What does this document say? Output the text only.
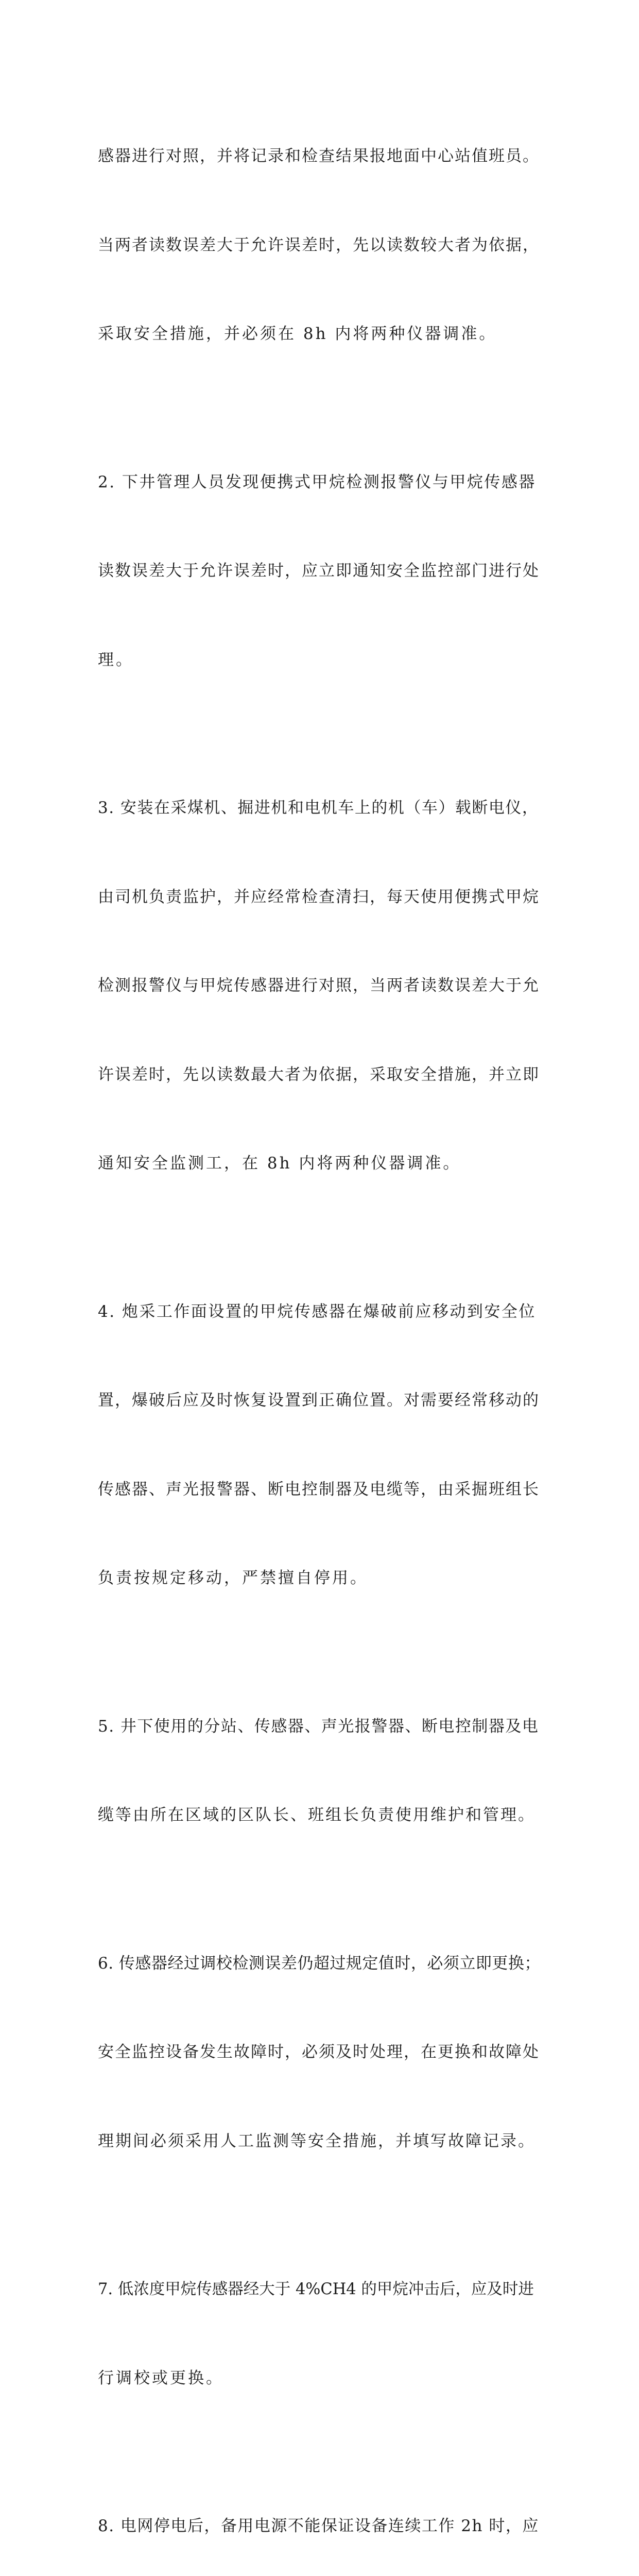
感器进行对照，并将记录和检查结果报地面中心站值班员。

当两者读数误差大于允许误差时，先以读数较大者为依据，

采取安全措施，并必须在 8h 内将两种仪器调准。

2. 下井管理人员发现便携式甲烷检测报警仪与甲烷传感器

读数误差大于允许误差时，应立即通知安全监控部门进行处

理。

3. 安装在采煤机、掘进机和电机车上的机（车）载断电仪，

由司机负责监护，并应经常检查清扫，每天使用便携式甲烷

检测报警仪与甲烷传感器进行对照，当两者读数误差大于允

许误差时，先以读数最大者为依据，采取安全措施，并立即

通知安全监测工，在 8h 内将两种仪器调准。

4. 炮采工作面设置的甲烷传感器在爆破前应移动到安全位

置，爆破后应及时恢复设置到正确位置。对需要经常移动的

传感器、声光报警器、断电控制器及电缆等，由采掘班组长

负责按规定移动，严禁擅自停用。

5. 井下使用的分站、传感器、声光报警器、断电控制器及电

缆等由所在区域的区队长、班组长负责使用维护和管理。

6. 传感器经过调校检测误差仍超过规定值时，必须立即更换；

安全监控设备发生故障时，必须及时处理，在更换和故障处

理期间必须采用人工监测等安全措施，并填写故障记录。

7. 低浓度甲烷传感器经大于 4%CH4 的甲烷冲击后，应及时进

行调校或更换。

8. 电网停电后，备用电源不能保证设备连续工作 2h 时，应
